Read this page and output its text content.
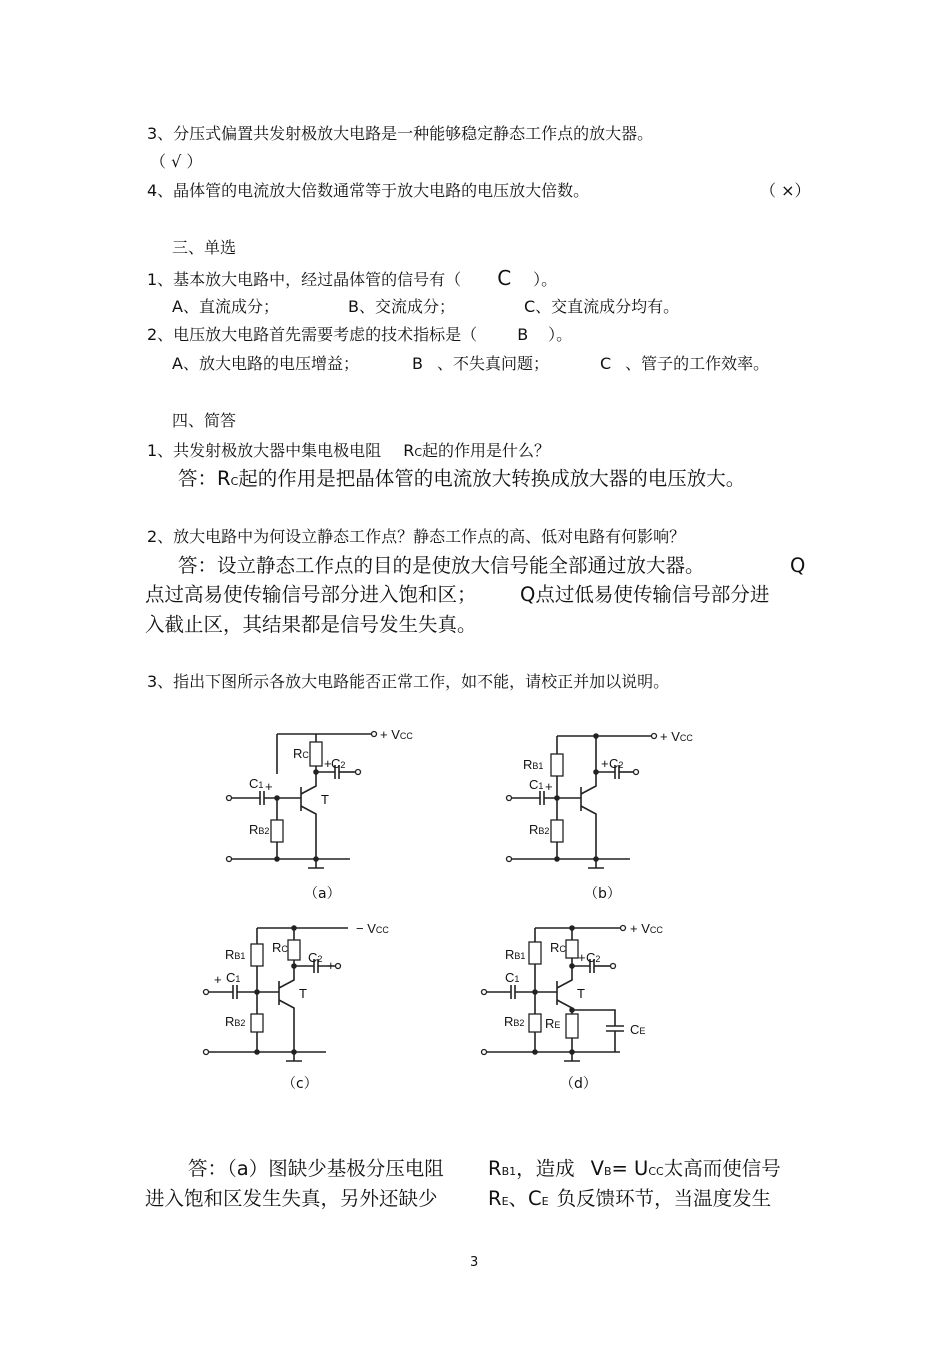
3、分压式偏置共发射极放大电路是一种能够稳定静态工作点的放大器。
（ √ ）
4、晶体管的电流放大倍数通常等于放大电路的电压放大倍数。	（ ×）
三、单选
1、基本放大电路中，经过晶体管的信号有（ C ）。
A、直流成分；	B、交流成分；	C、交直流成分均有。
2、电压放大电路首先需要考虑的技术指标是（	B ）。
A、放大电路的电压增益；	B 、不失真问题；	C 、管子的工作效率。
四、简答
1、共发射极放大器中集电极电阻 RC起的作用是什么？
答：RC起的作用是把晶体管的电流放大转换成放大器的电压放大。
2、放大电路中为何设立静态工作点？静态工作点的高、低对电路有何影响？
答：设立静态工作点的目的是使放大信号能全部通过放大器。	Q
点过高易使传输信号部分进入饱和区； Q点过低易使传输信号部分进
入截止区，其结果都是信号发生失真。
3、指出下图所示各放大电路能否正常工作，如不能，请校正并加以说明。
+ VCC
RC
+ C2
C1 +
T
RB2
（a）
+ VCC
RB1	+ C2
C1 +
RB2
（b）
− VCC
RB1
RC
C2 +
+ C1
T
RB2
（c）
+ VCC
RB1
RC
+ C2
C1
T
RB2 RE	CE
（d）
答：（a）图缺少基极分压电阻 RB1，造成 VB= UCC太高而使信号
进入饱和区发生失真，另外还缺少	RE、CE 负反馈环节，当温度发生
3
